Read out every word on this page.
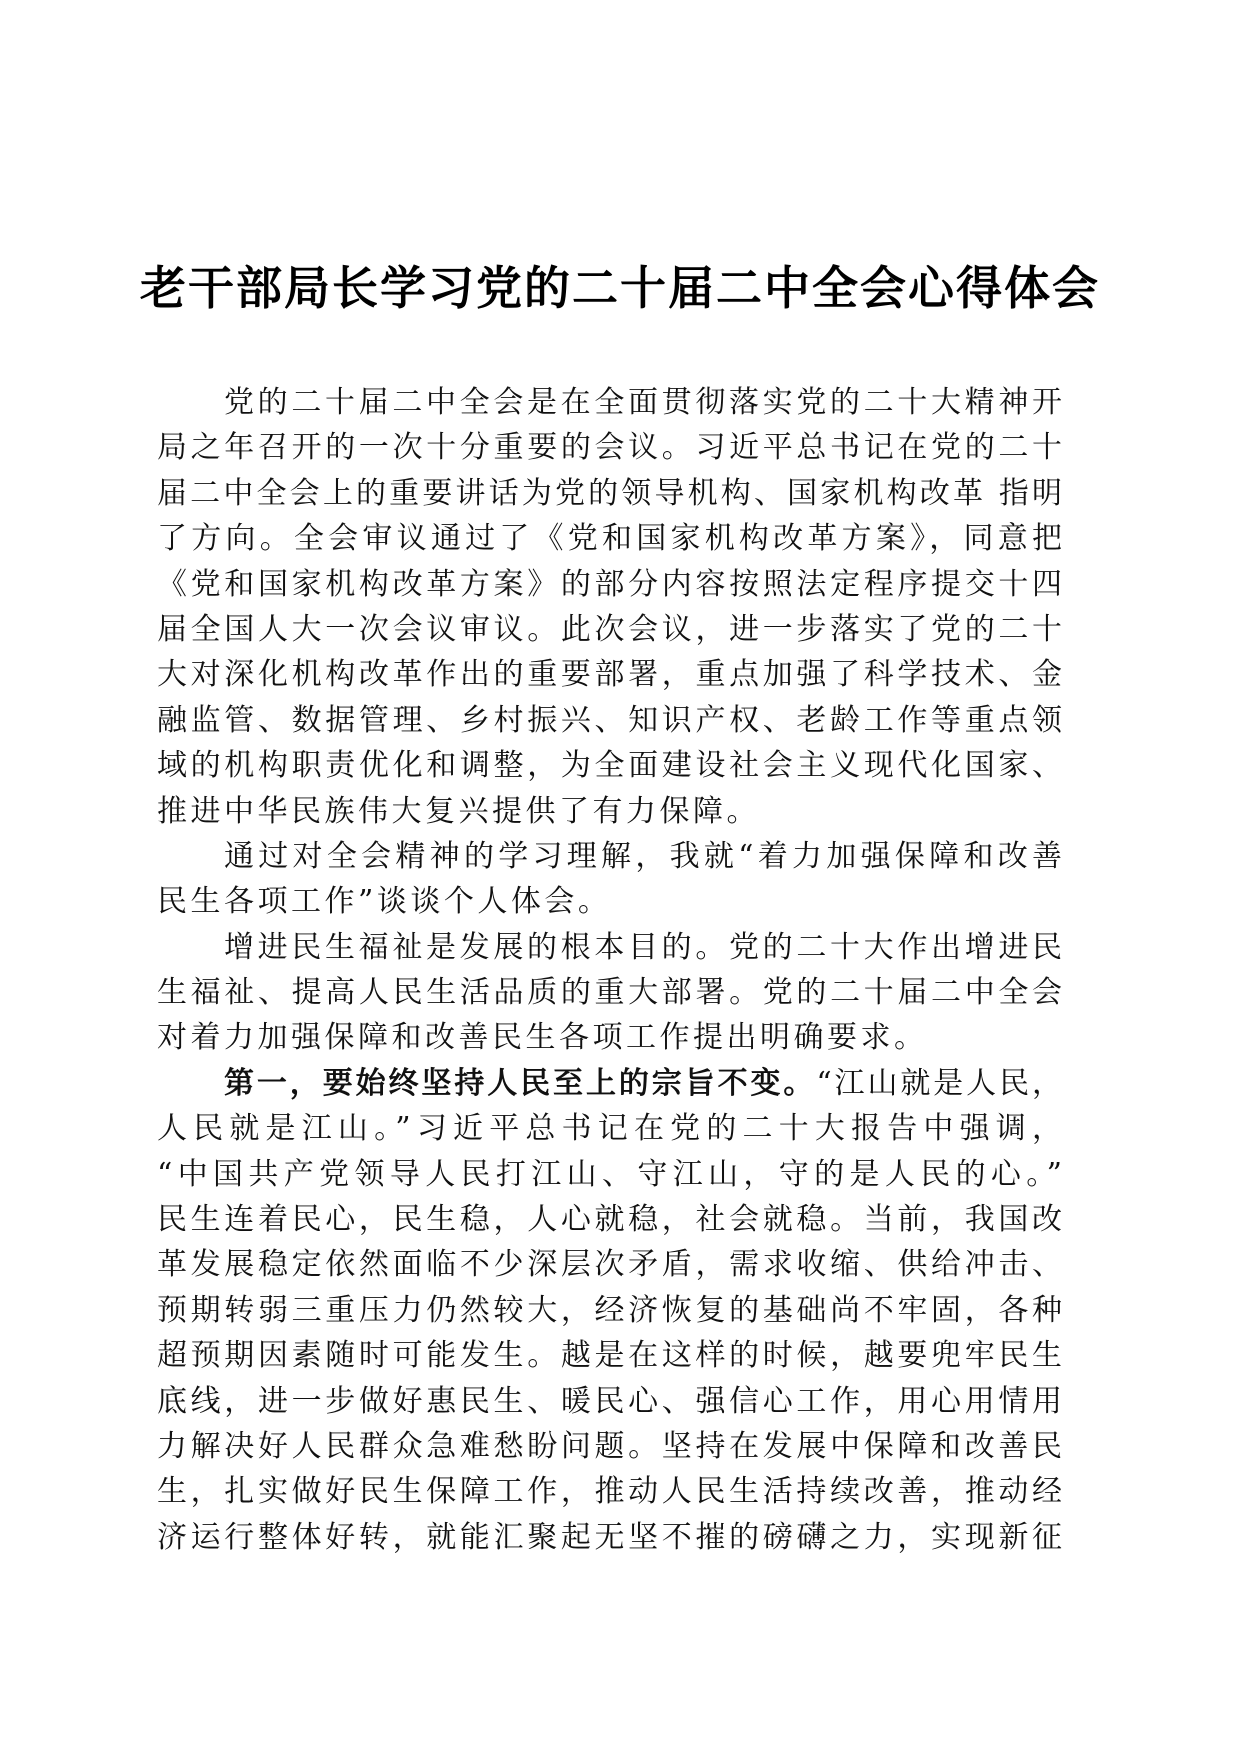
老干部局长学习党的二十届二中全会心得体会
党的二十届二中全会是在全面贯彻落实党的二十大精神开
局之年召开的一次十分重要的会议。习近平总书记在党的二十
届二中全会上的重要讲话为党的领导机构、国家机构改革 指明
了方向。全会审议通过了《党和国家机构改革方案》，同意把
《党和国家机构改革方案》的部分内容按照法定程序提交十四
届全国人大一次会议审议。此次会议，进一步落实了党的二十
大对深化机构改革作出的重要部署，重点加强了科学技术、金
融监管、数据管理、乡村振兴、知识产权、老龄工作等重点领
域的机构职责优化和调整，为全面建设社会主义现代化国家、
推进中华民族伟大复兴提供了有力保障。
通过对全会精神的学习理解，我就“着力加强保障和改善
民生各项工作”谈谈个人体会。
增进民生福祉是发展的根本目的。党的二十大作出增进民
生福祉、提高人民生活品质的重大部署。党的二十届二中全会
对着力加强保障和改善民生各项工作提出明确要求。
第一，要始终坚持人民至上的宗旨不变。“江山就是人民，
人民就是江山。”习近平总书记在党的二十大报告中强调，
“中国共产党领导人民打江山、守江山，守的是人民的心。”
民生连着民心，民生稳，人心就稳，社会就稳。当前，我国改
革发展稳定依然面临不少深层次矛盾，需求收缩、供给冲击、
预期转弱三重压力仍然较大，经济恢复的基础尚不牢固，各种
超预期因素随时可能发生。越是在这样的时候，越要兜牢民生
底线，进一步做好惠民生、暖民心、强信心工作，用心用情用
力解决好人民群众急难愁盼问题。坚持在发展中保障和改善民
生，扎实做好民生保障工作，推动人民生活持续改善，推动经
济运行整体好转，就能汇聚起无坚不摧的磅礴之力，实现新征
